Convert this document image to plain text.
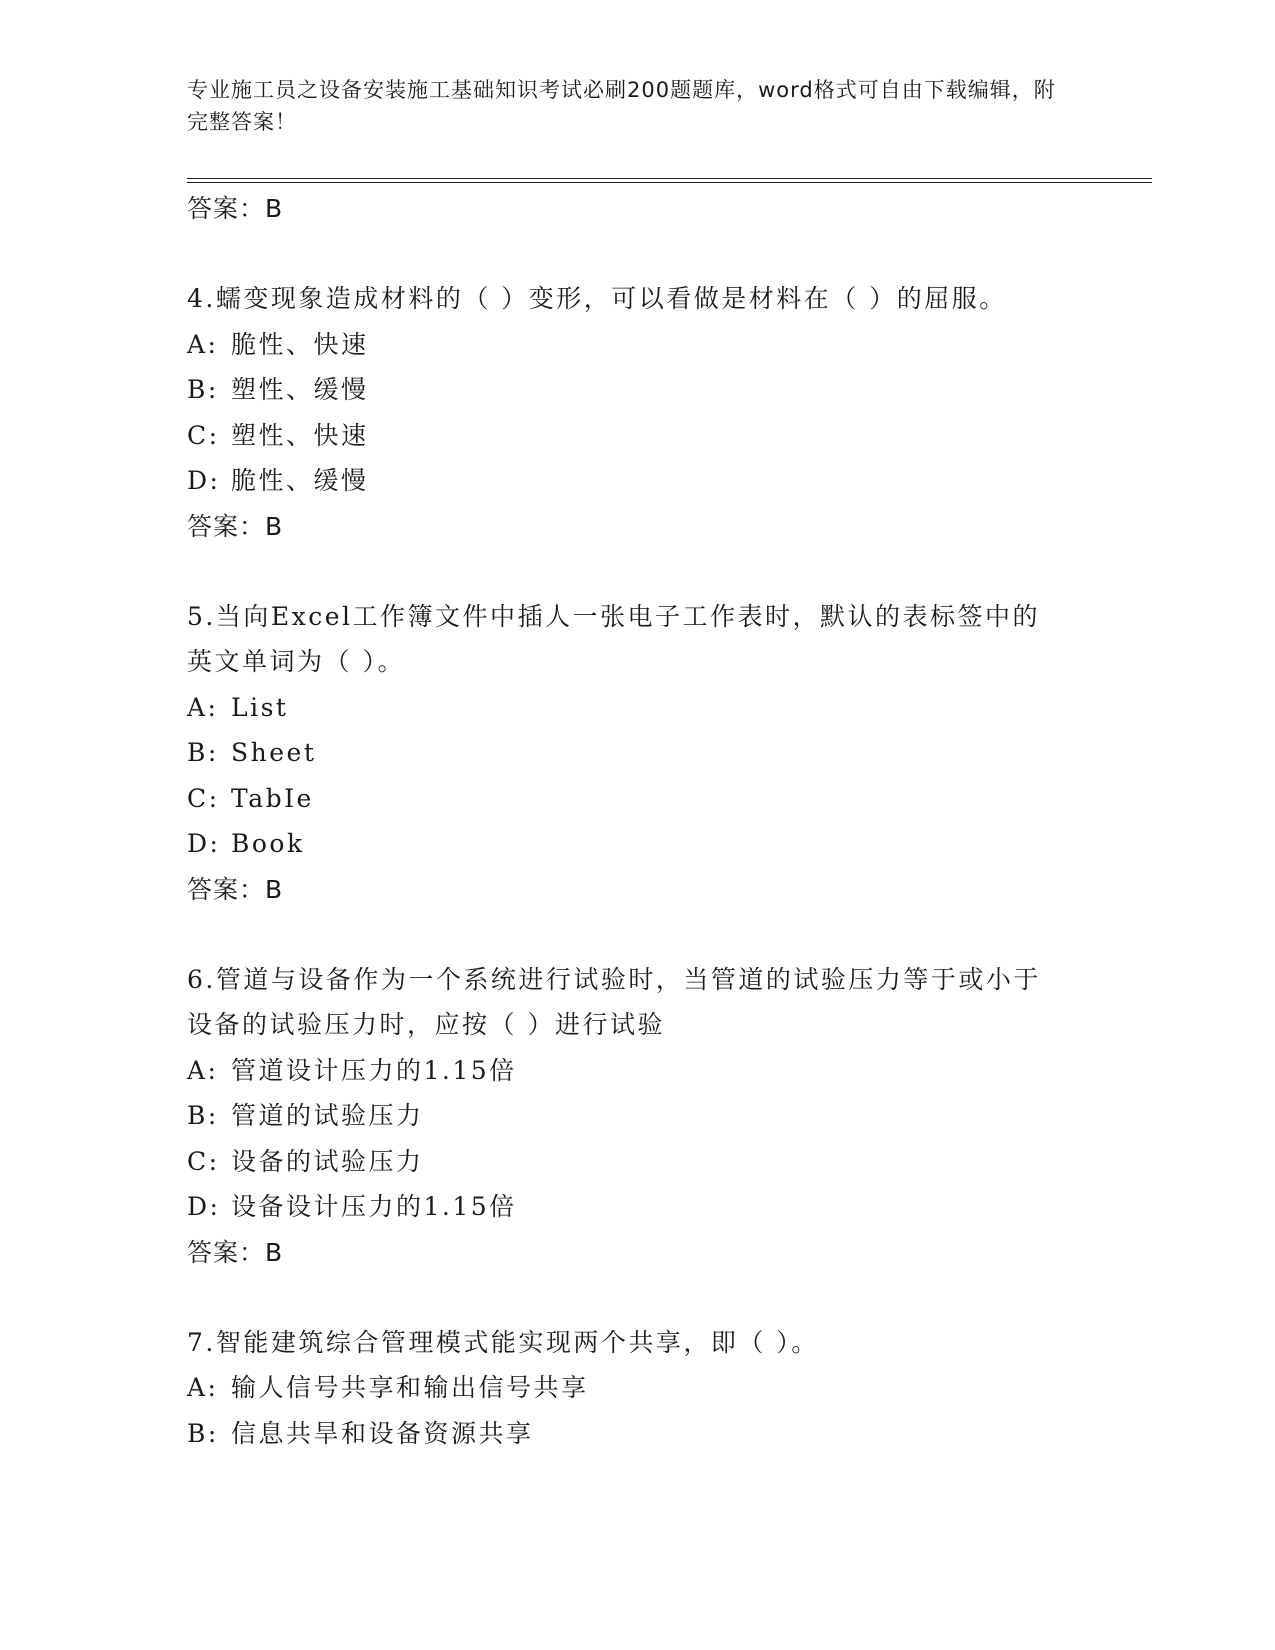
专业施工员之设备安装施工基础知识考试必刷200题题库，word格式可自由下载编辑，附完整答案！

答案：B

4.蠕变现象造成材料的（ ）变形，可以看做是材料在（ ）的屈服。

A: 脆性、快速

B: 塑性、缓慢

C: 塑性、快速

D: 脆性、缓慢

答案：B

5.当向Excel工作簿文件中插人一张电子工作表时，默认的表标签中的英文单词为（ ）。

A: List

B: Sheet

C: TabIe

D: Book

答案：B

6.管道与设备作为一个系统进行试验时，当管道的试验压力等于或小于设备的试验压力时，应按（ ）进行试验

A: 管道设计压力的1.15倍

B: 管道的试验压力

C: 设备的试验压力

D: 设备设计压力的1.15倍

答案：B

7.智能建筑综合管理模式能实现两个共享，即（ ）。

A: 输人信号共享和输出信号共享

B: 信息共旱和设备资源共享
